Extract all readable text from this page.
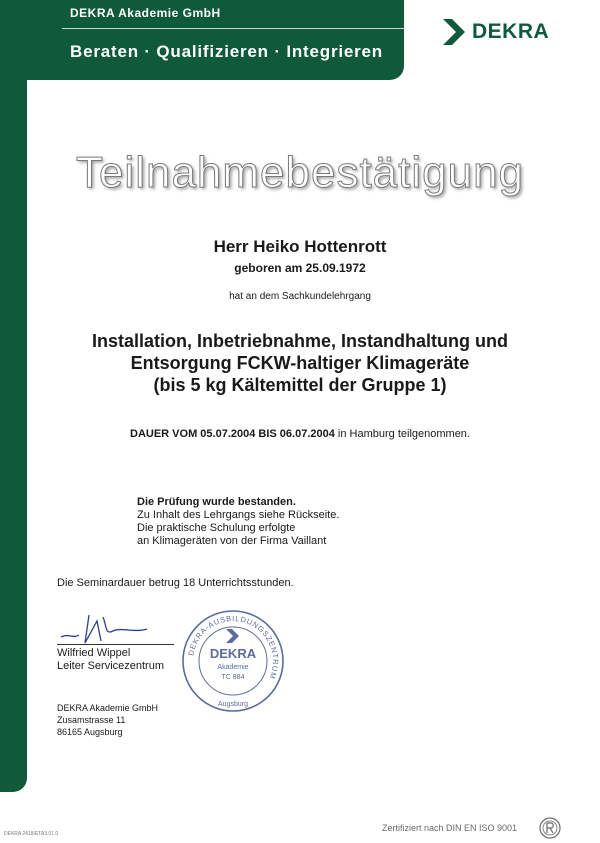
DEKRA Akademie GmbH
Beraten · Qualifizieren · Integrieren
DEKRA
Teilnahmebestätigung
Herr Heiko Hottenrott
geboren am 25.09.1972
hat an dem Sachkundelehrgang
Installation, Inbetriebnahme, Instandhaltung und
Entsorgung FCKW-haltiger Klimageräte
(bis 5 kg Kältemittel der Gruppe 1)
DAUER VOM 05.07.2004 BIS 06.07.2004 in Hamburg teilgenommen.
Die Prüfung wurde bestanden.
Zu Inhalt des Lehrgangs siehe Rückseite.
Die praktische Schulung erfolgte
an Klimageräten von der Firma Vaillant
Die Seminardauer betrug 18 Unterrichtsstunden.
Wilfried Wippel
Leiter Servicezentrum
DEKRA-AUSBILDUNGSZENTRUM
DEKRA
Akademie
TC 884
Augsburg
DEKRA Akademie GmbH
Zusamstrasse 11
86165 Augsburg
DEKRA 2418/ETA3.01.0
Zertifiziert nach DIN EN ISO 9001
